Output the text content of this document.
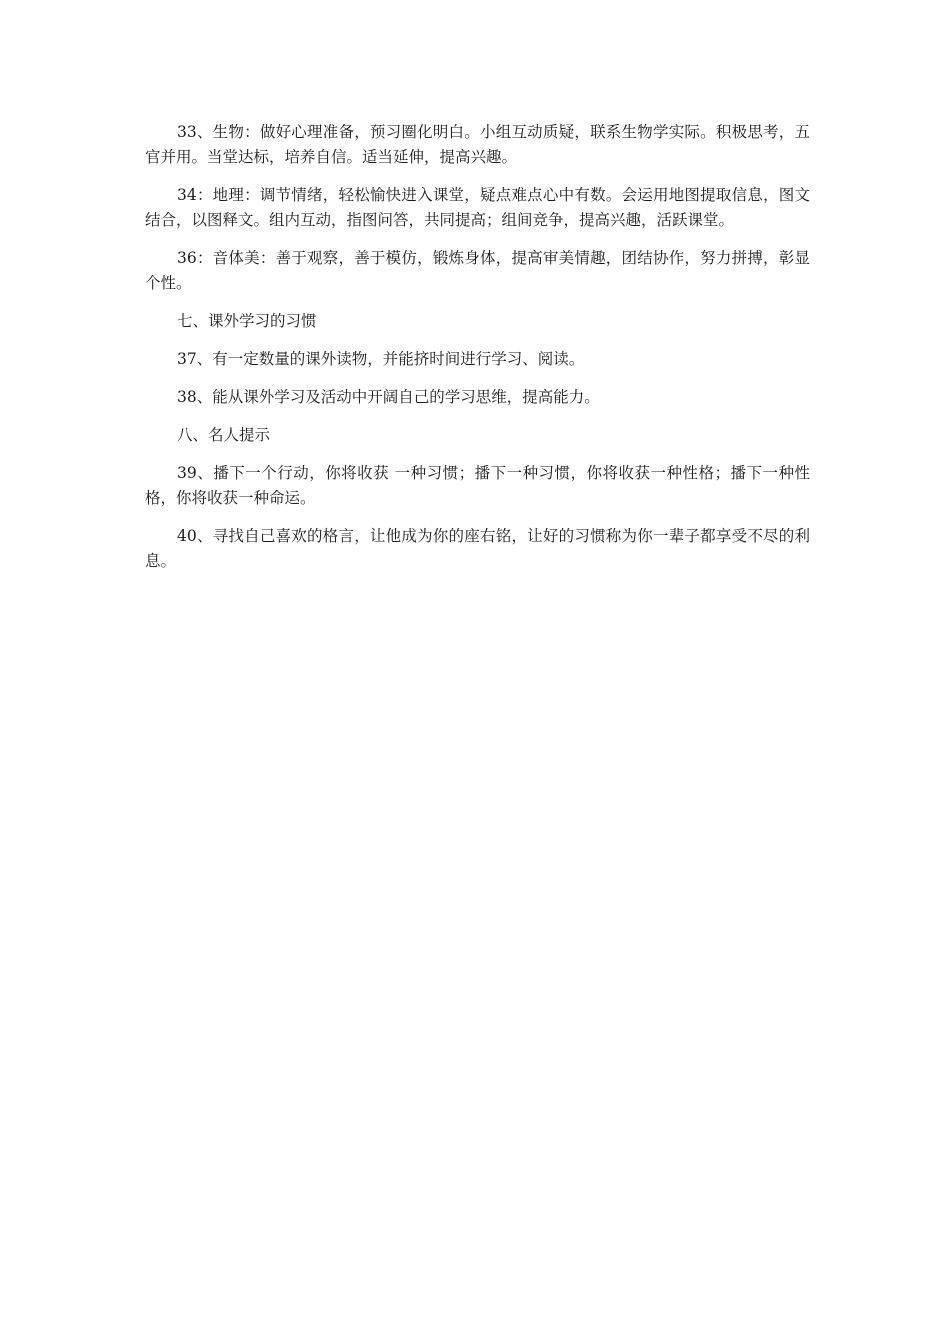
33、生物：做好心理准备，预习圈化明白。小组互动质疑，联系生物学实际。积极思考，五官并用。当堂达标，培养自信。适当延伸，提高兴趣。

34：地理：调节情绪，轻松愉快进入课堂，疑点难点心中有数。会运用地图提取信息，图文结合，以图释文。组内互动，指图问答，共同提高；组间竞争，提高兴趣，活跃课堂。

36：音体美：善于观察，善于模仿，锻炼身体，提高审美情趣，团结协作，努力拼搏，彰显个性。

七、课外学习的习惯

37、有一定数量的课外读物，并能挤时间进行学习、阅读。

38、能从课外学习及活动中开阔自己的学习思维，提高能力。

八、名人提示

39、播下一个行动，你将收获 一种习惯；播下一种习惯，你将收获一种性格；播下一种性格，你将收获一种命运。

40、寻找自己喜欢的格言，让他成为你的座右铭，让好的习惯称为你一辈子都享受不尽的利息。
